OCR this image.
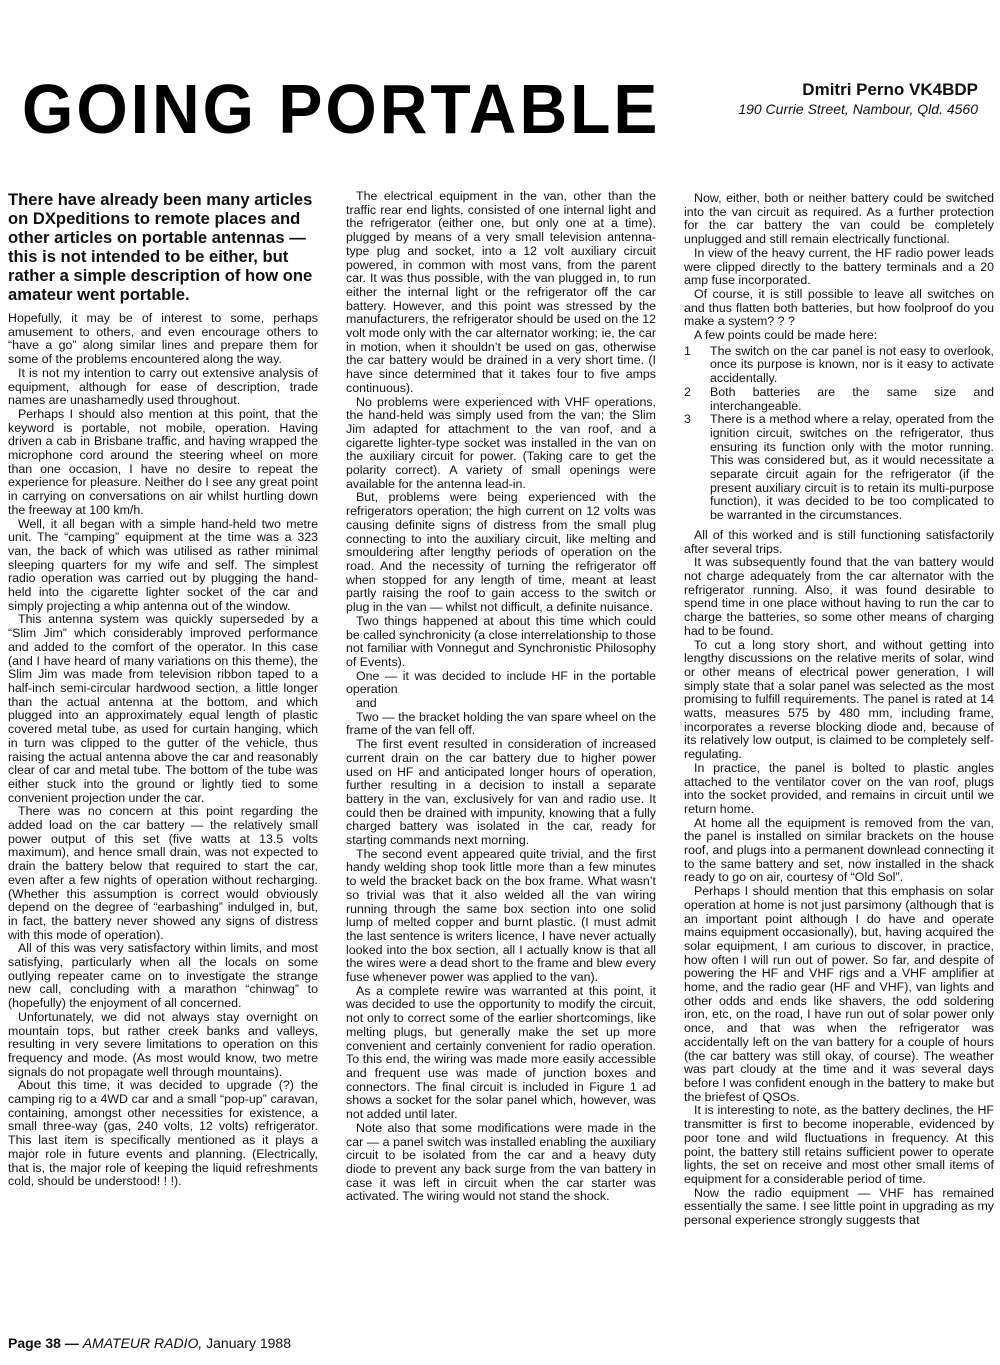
GOING PORTABLE	Dmitri Perno VK4BDP
190 Currie Street, Nambour, Qld. 4560
There have already been many articles on DXpeditions to remote places and other articles on portable antennas — this is not intended to be either, but rather a simple description of how one amateur went portable.

Hopefully, it may be of interest to some, perhaps amusement to others, and even encourage others to “have a go” along similar lines and prepare them for some of the problems encountered along the way.

It is not my intention to carry out extensive analysis of equipment, although for ease of description, trade names are unashamedly used throughout.

Perhaps I should also mention at this point, that the keyword is portable, not mobile, operation. Having driven a cab in Brisbane traffic, and having wrapped the microphone cord around the steering wheel on more than one occasion, I have no desire to repeat the experience for pleasure. Neither do I see any great point in carrying on conversations on air whilst hurtling down the freeway at 100 km/h.

Well, it all began with a simple hand-held two metre unit. The “camping” equipment at the time was a 323 van, the back of which was utilised as rather minimal sleeping quarters for my wife and self. The simplest radio operation was carried out by plugging the hand-held into the cigarette lighter socket of the car and simply projecting a whip antenna out of the window.

This antenna system was quickly superseded by a “Slim Jim” which considerably improved performance and added to the comfort of the operator. In this case (and I have heard of many variations on this theme), the Slim Jim was made from television ribbon taped to a half-inch semi-circular hardwood section, a little longer than the actual antenna at the bottom, and which plugged into an approximately equal length of plastic covered metal tube, as used for curtain hanging, which in turn was clipped to the gutter of the vehicle, thus raising the actual antenna above the car and reasonably clear of car and metal tube. The bottom of the tube was either stuck into the ground or lightly tied to some convenient projection under the car.

There was no concern at this point regarding the added load on the car battery — the relatively small power output of this set (five watts at 13.5 volts maximum), and hence small drain, was not expected to drain the battery below that required to start the car, even after a few nights of operation without recharging. (Whether this assumption is correct would obviously depend on the degree of “earbashing” indulged in, but, in fact, the battery never showed any signs of distress with this mode of operation).

All of this was very satisfactory within limits, and most satisfying, particularly when all the locals on some outlying repeater came on to investigate the strange new call, concluding with a marathon “chinwag” to (hopefully) the enjoyment of all concerned.

Unfortunately, we did not always stay overnight on mountain tops, but rather creek banks and valleys, resulting in very severe limitations to operation on this frequency and mode. (As most would know, two metre signals do not propagate well through mountains).

About this time, it was decided to upgrade (?) the camping rig to a 4WD car and a small “pop-up” caravan, containing, amongst other necessities for existence, a small three-way (gas, 240 volts, 12 volts) refrigerator. This last item is specifically mentioned as it plays a major role in future events and planning. (Electrically, that is, the major role of keeping the liquid refreshments cold, should be understood! ! !).

The electrical equipment in the van, other than the traffic rear end lights, consisted of one internal light and the refrigerator (either one, but only one at a time), plugged by means of a very small television antenna-type plug and socket, into a 12 volt auxiliary circuit powered, in common with most vans, from the parent car. It was thus possible, with the van plugged in, to run either the internal light or the refrigerator off the car battery. However, and this point was stressed by the manufacturers, the refrigerator should be used on the 12 volt mode only with the car alternator working; ie, the car in motion, when it shouldn’t be used on gas, otherwise the car battery would be drained in a very short time. (I have since determined that it takes four to five amps continuous).

No problems were experienced with VHF operations, the hand-held was simply used from the van; the Slim Jim adapted for attachment to the van roof, and a cigarette lighter-type socket was installed in the van on the auxiliary circuit for power. (Taking care to get the polarity correct). A variety of small openings were available for the antenna lead-in.

But, problems were being experienced with the refrigerators operation; the high current on 12 volts was causing definite signs of distress from the small plug connecting to into the auxiliary circuit, like melting and smouldering after lengthy periods of operation on the road. And the necessity of turning the refrigerator off when stopped for any length of time, meant at least partly raising the roof to gain access to the switch or plug in the van — whilst not difficult, a definite nuisance.

Two things happened at about this time which could be called synchronicity (a close interrelationship to those not familiar with Vonnegut and Synchronistic Philosophy of Events).

One — it was decided to include HF in the portable operation

and

Two — the bracket holding the van spare wheel on the frame of the van fell off.

The first event resulted in consideration of increased current drain on the car battery due to higher power used on HF and anticipated longer hours of operation, further resulting in a decision to install a separate battery in the van, exclusively for van and radio use. It could then be drained with impunity, knowing that a fully charged battery was isolated in the car, ready for starting commands next morning.

The second event appeared quite trivial, and the first handy welding shop took little more than a few minutes to weld the bracket back on the box frame. What wasn’t so trivial was that it also welded all the van wiring running through the same box section into one solid lump of melted copper and burnt plastic. (I must admit the last sentence is writers licence, I have never actually looked into the box section, all I actually know is that all the wires were a dead short to the frame and blew every fuse whenever power was applied to the van).

As a complete rewire was warranted at this point, it was decided to use the opportunity to modify the circuit, not only to correct some of the earlier shortcomings, like melting plugs, but generally make the set up more convenient and certainly convenient for radio operation. To this end, the wiring was made more easily accessible and frequent use was made of junction boxes and connectors. The final circuit is included in Figure 1 ad shows a socket for the solar panel which, however, was not added until later.

Note also that some modifications were made in the car — a panel switch was installed enabling the auxiliary circuit to be isolated from the car and a heavy duty diode to prevent any back surge from the van battery in case it was left in circuit when the car starter was activated. The wiring would not stand the shock.

Now, either, both or neither battery could be switched into the van circuit as required. As a further protection for the car battery the van could be completely unplugged and still remain electrically functional.

In view of the heavy current, the HF radio power leads were clipped directly to the battery terminals and a 20 amp fuse incorporated.

Of course, it is still possible to leave all switches on and thus flatten both batteries, but how foolproof do you make a system? ? ?

A few points could be made here:

1	The switch on the car panel is not easy to overlook, once its purpose is known, nor is it easy to activate accidentally.
2	Both batteries are the same size and interchangeable.
3	There is a method where a relay, operated from the ignition circuit, switches on the refrigerator, thus ensuring its function only with the motor running. This was considered but, as it would necessitate a separate circuit again for the refrigerator (if the present auxiliary circuit is to retain its multi-purpose function), it was decided to be too complicated to be warranted in the circumstances.

All of this worked and is still functioning satisfactorily after several trips.

It was subsequently found that the van battery would not charge adequately from the car alternator with the refrigerator running. Also, it was found desirable to spend time in one place without having to run the car to charge the batteries, so some other means of charging had to be found.

To cut a long story short, and without getting into lengthy discussions on the relative merits of solar, wind or other means of electrical power generation, I will simply state that a solar panel was selected as the most promising to fulfill requirements. The panel is rated at 14 watts, measures 575 by 480 mm, including frame, incorporates a reverse blocking diode and, because of its relatively low output, is claimed to be completely self- regulating.

In practice, the panel is bolted to plastic angles attached to the ventilator cover on the van roof, plugs into the socket provided, and remains in circuit until we return home.

At home all the equipment is removed from the van, the panel is installed on similar brackets on the house roof, and plugs into a permanent downlead connecting it to the same battery and set, now installed in the shack ready to go on air, courtesy of “Old Sol”.

Perhaps I should mention that this emphasis on solar operation at home is not just parsimony (although that is an important point although I do have and operate mains equipment occasionally), but, having acquired the solar equipment, I am curious to discover, in practice, how often I will run out of power. So far, and despite of powering the HF and VHF rigs and a VHF amplifier at home, and the radio gear (HF and VHF), van lights and other odds and ends like shavers, the odd soldering iron, etc, on the road, I have run out of solar power only once, and that was when the refrigerator was accidentally left on the van battery for a couple of hours (the car battery was still okay, of course). The weather was part cloudy at the time and it was several days before I was confident enough in the battery to make but the briefest of QSOs.

It is interesting to note, as the battery declines, the HF transmitter is first to become inoperable, evidenced by poor tone and wild fluctuations in frequency. At this point, the battery still retains sufficient power to operate lights, the set on receive and most other small items of equipment for a considerable period of time.

Now the radio equipment — VHF has remained essentially the same. I see little point in upgrading as my personal experience strongly suggests that

Page 38 — AMATEUR RADIO, January 1988
